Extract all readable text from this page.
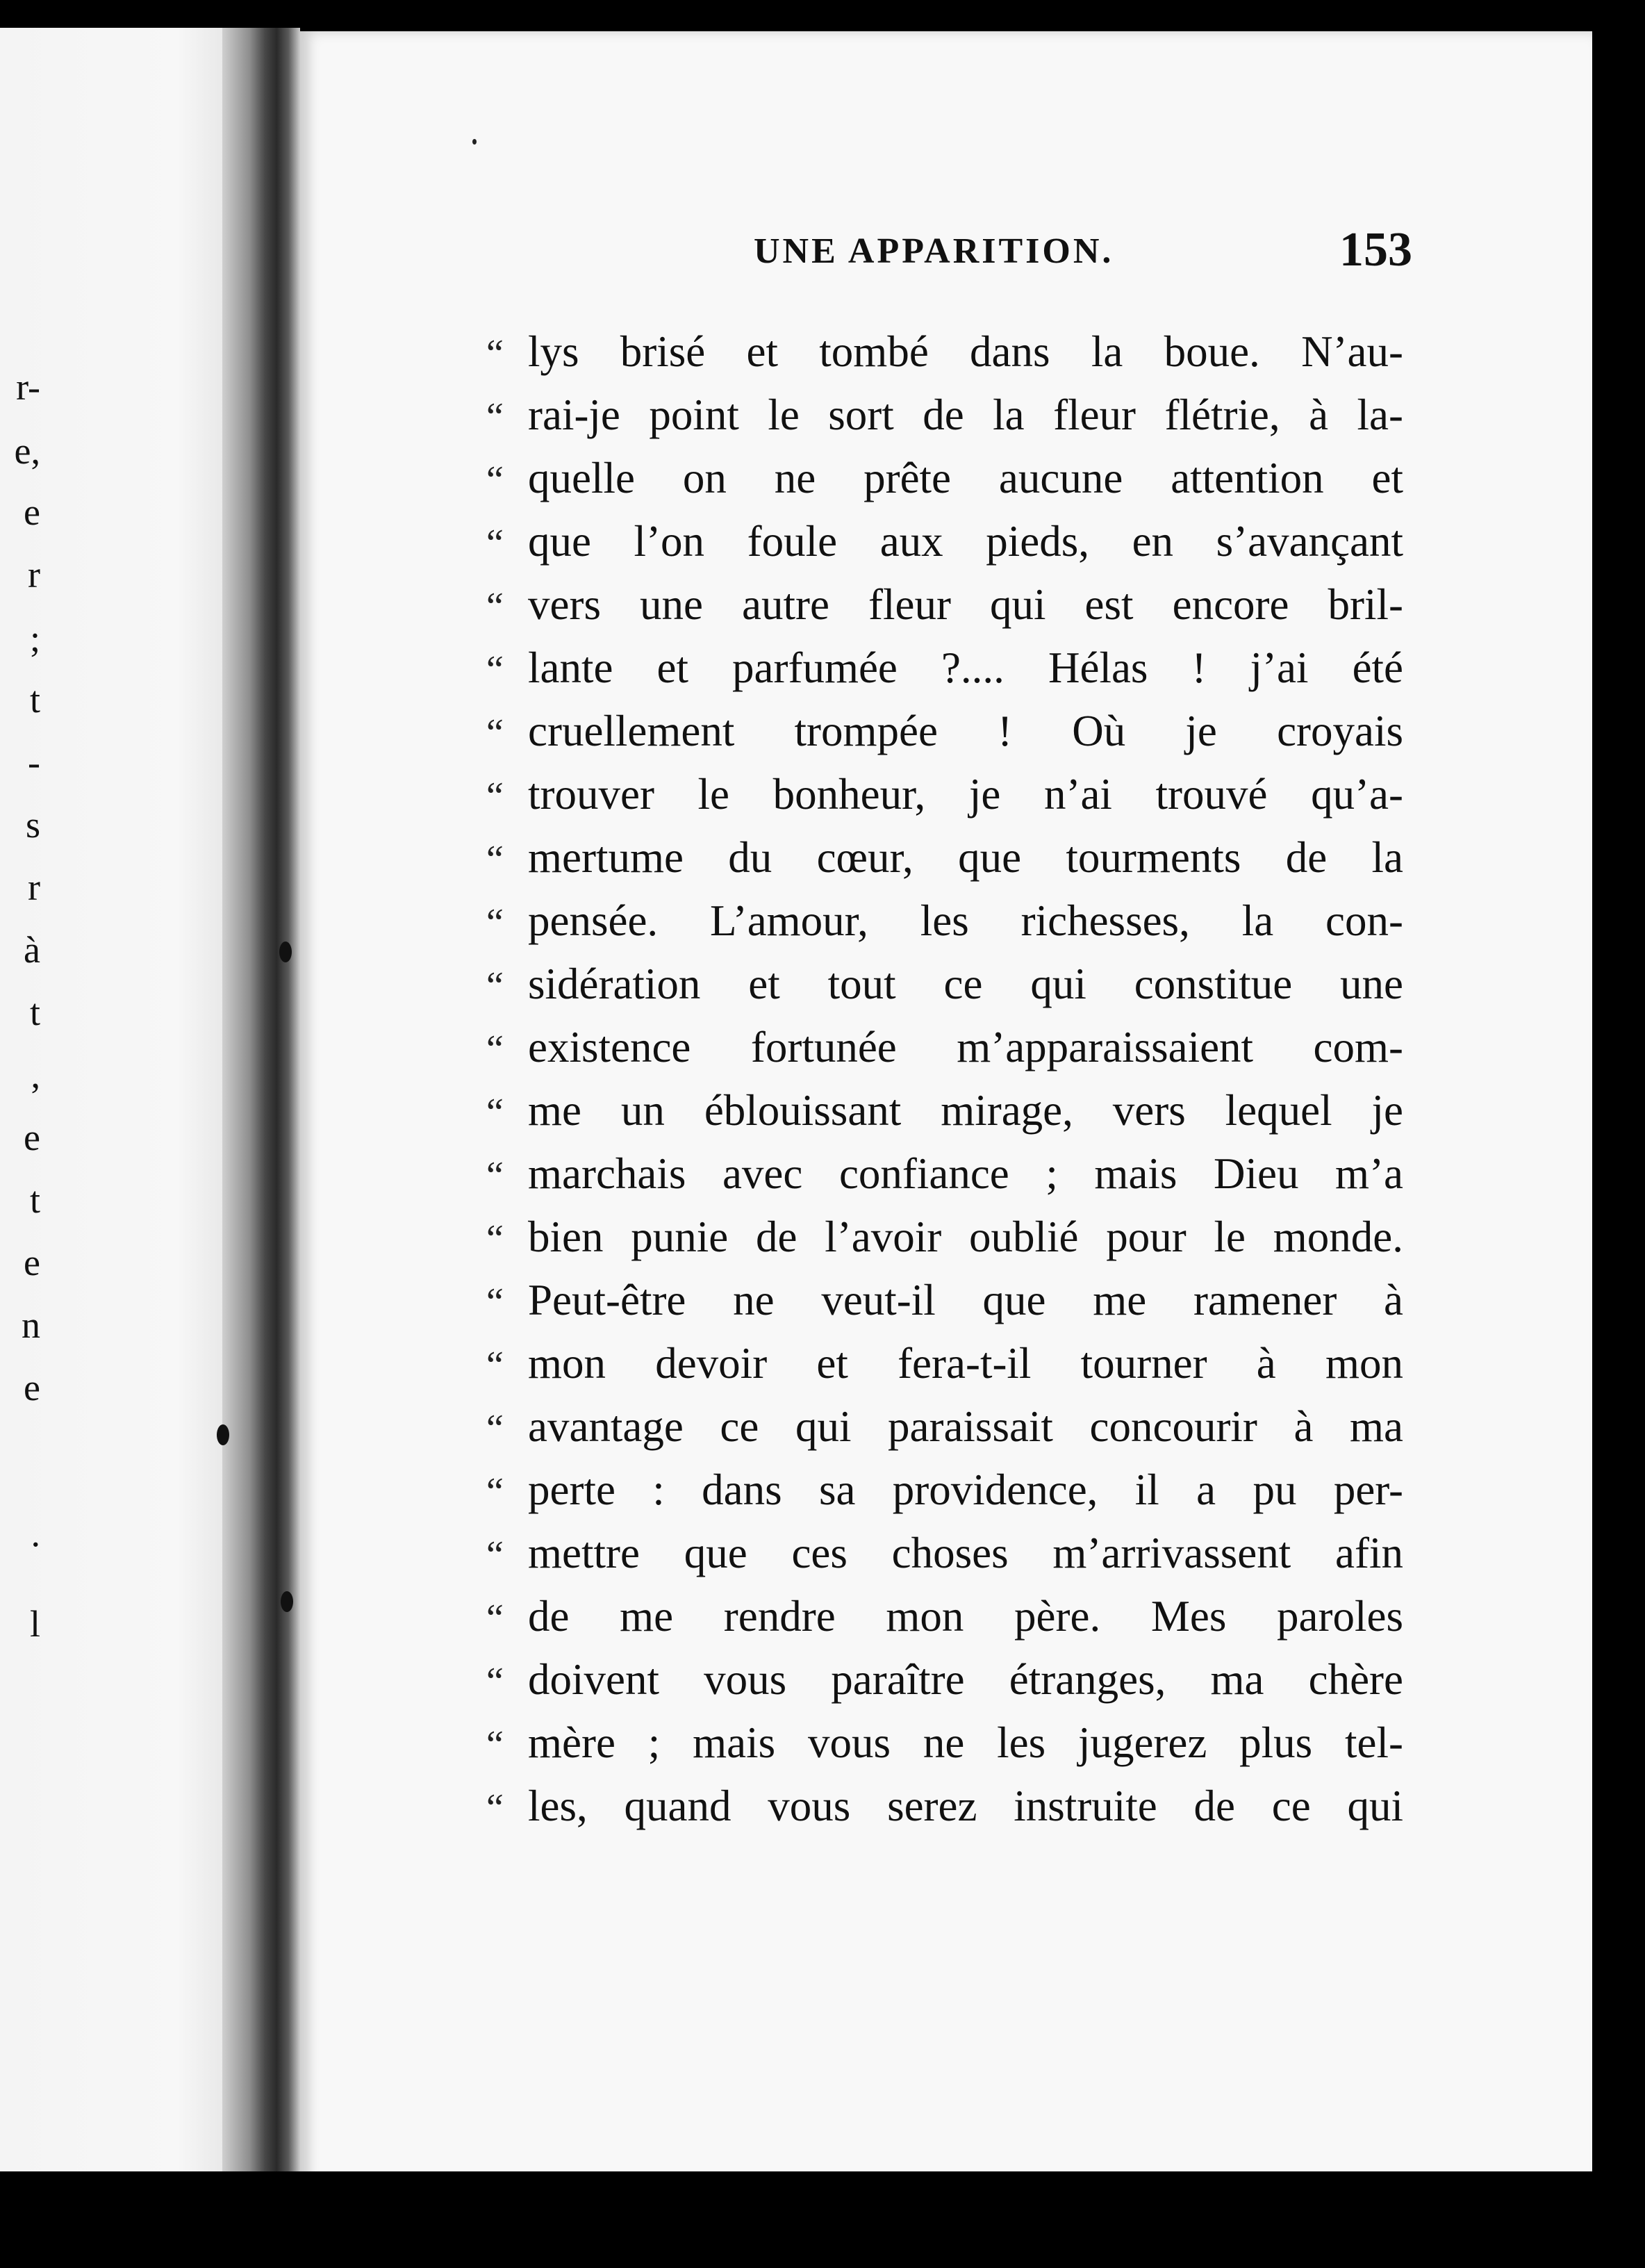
r-
e,
e
r
;
t
-
s
r
à
t
,
e
t
e
n
e
.
l
UNE APPARITION.	153
“ lys brisé et tombé dans la boue. N’au-
“ rai-je point le sort de la fleur flétrie, à la-
“ quelle on ne prête aucune attention et
“ que l’on foule aux pieds, en s’avançant
“ vers une autre fleur qui est encore bril-
“ lante et parfumée ?.... Hélas ! j’ai été
“ cruellement trompée ! Où je croyais
“ trouver le bonheur, je n’ai trouvé qu’a-
“ mertume du cœur, que tourments de la
“ pensée. L’amour, les richesses, la con-
“ sidération et tout ce qui constitue une
“ existence fortunée m’apparaissaient com-
“ me un éblouissant mirage, vers lequel je
“ marchais avec confiance ; mais Dieu m’a
“ bien punie de l’avoir oublié pour le monde.
“ Peut-être ne veut-il que me ramener à
“ mon devoir et fera-t-il tourner à mon
“ avantage ce qui paraissait concourir à ma
“ perte : dans sa providence, il a pu per-
“ mettre que ces choses m’arrivassent afin
“ de me rendre mon père. Mes paroles
“ doivent vous paraître étranges, ma chère
“ mère ; mais vous ne les jugerez plus tel-
“ les, quand vous serez instruite de ce qui
